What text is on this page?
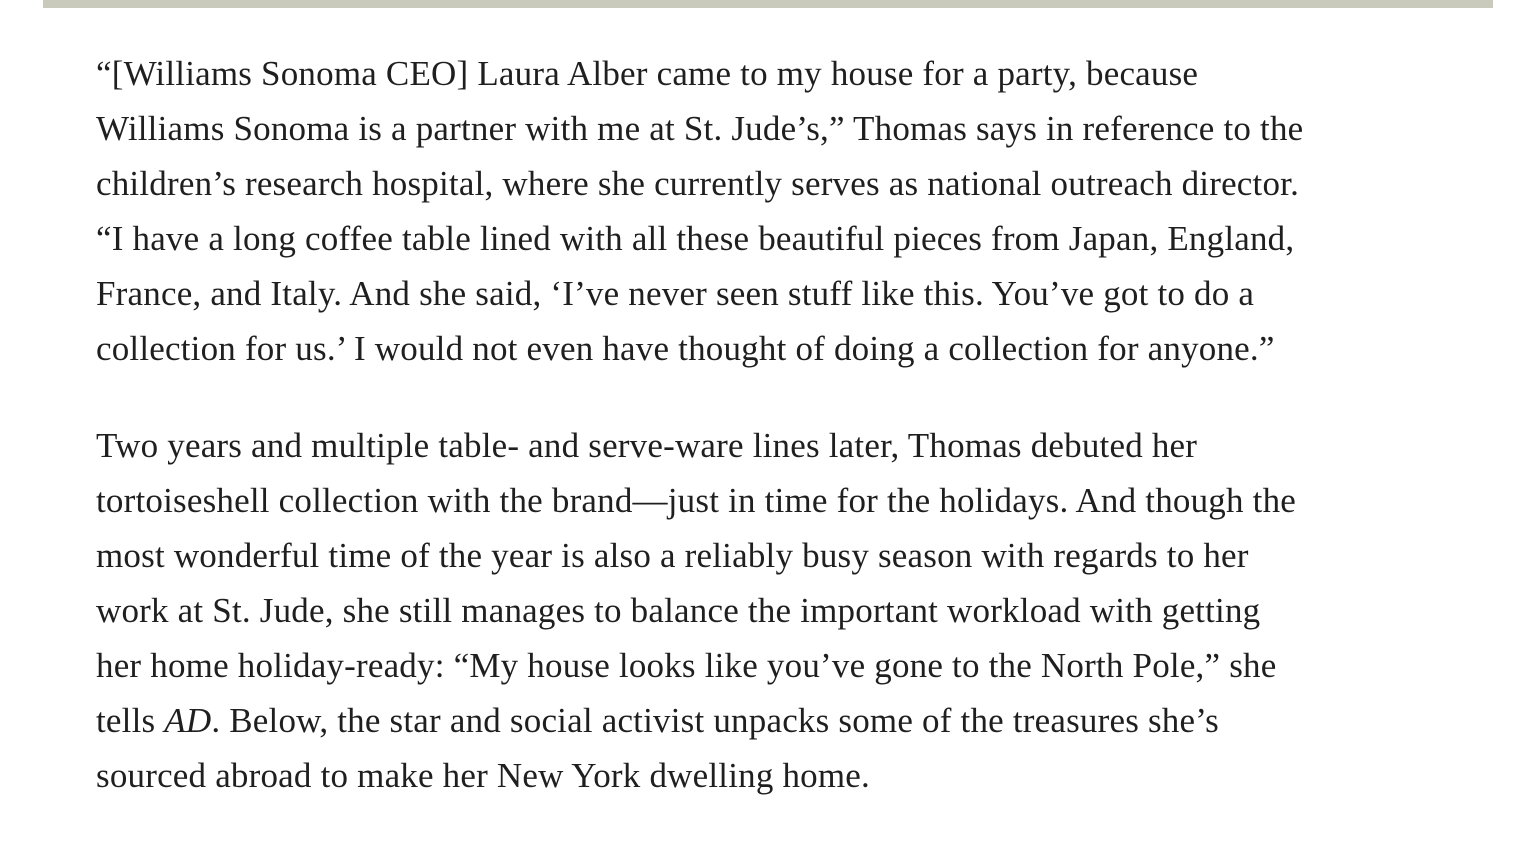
“[Williams Sonoma CEO] Laura Alber came to my house for a party, because
Williams Sonoma is a partner with me at St. Jude’s,” Thomas says in reference to the
children’s research hospital, where she currently serves as national outreach director.
“I have a long coffee table lined with all these beautiful pieces from Japan, England,
France, and Italy. And she said, ‘I’ve never seen stuff like this. You’ve got to do a
collection for us.’ I would not even have thought of doing a collection for anyone.”

Two years and multiple table- and serve-ware lines later, Thomas debuted her
tortoiseshell collection with the brand—just in time for the holidays. And though the
most wonderful time of the year is also a reliably busy season with regards to her
work at St. Jude, she still manages to balance the important workload with getting
her home holiday-ready: “My house looks like you’ve gone to the North Pole,” she
tells AD. Below, the star and social activist unpacks some of the treasures she’s
sourced abroad to make her New York dwelling home.
